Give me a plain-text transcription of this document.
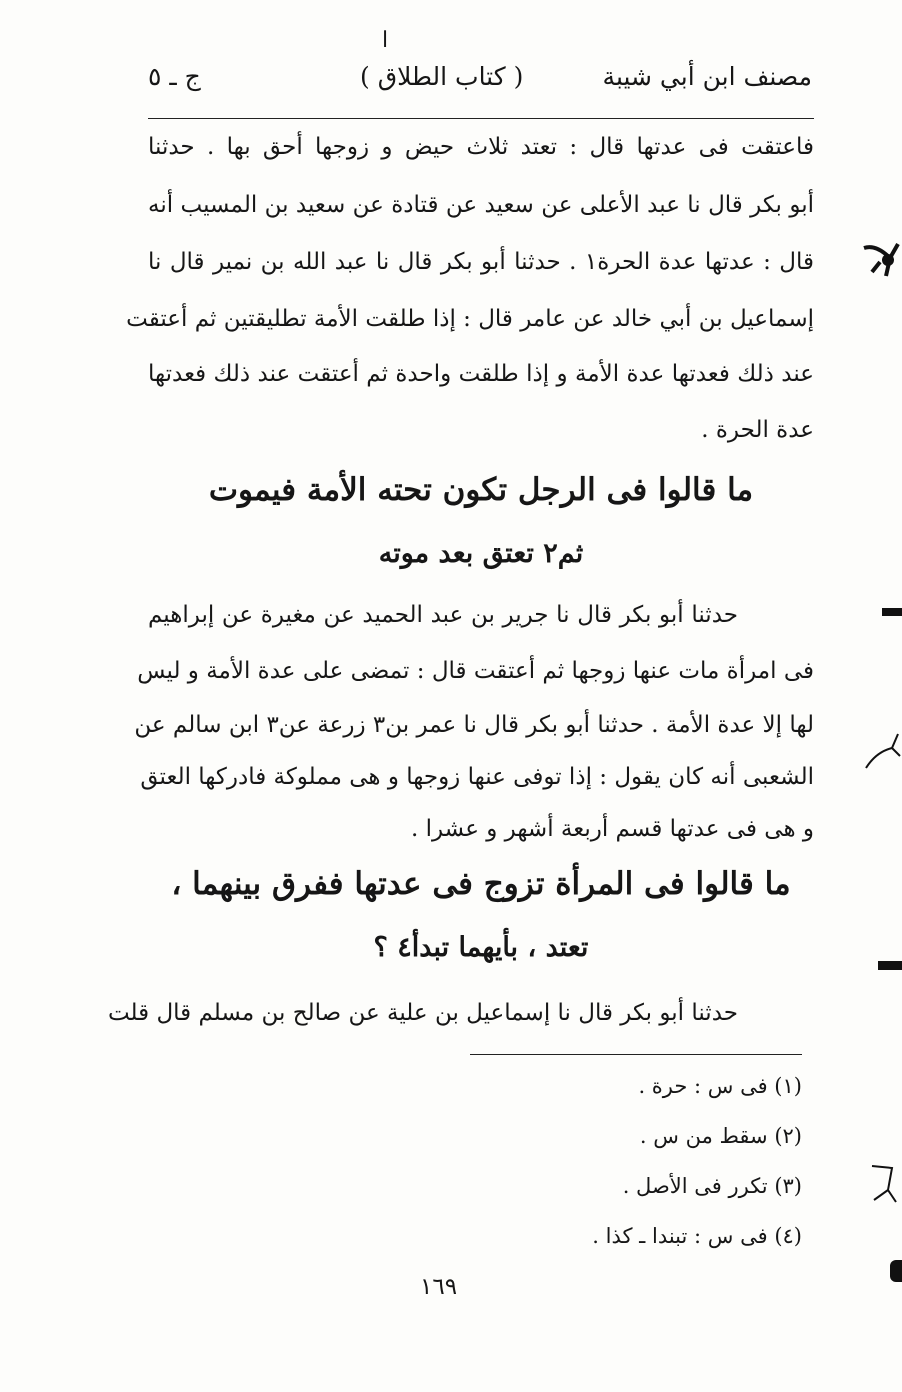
ا
مصنف ابن أبي شيبة
( كتاب الطلاق )
ج ـ ٥
فاعتقت فى عدتها قال : تعتد ثلاث حيض و زوجها أحق بها . حدثنا
أبو بكر قال نا عبد الأعلى عن سعيد عن قتادة عن سعيد بن المسيب أنه
قال : عدتها عدة الحرة١ . حدثنا أبو بكر قال نا عبد الله بن نمير قال نا
إسماعيل بن أبي خالد عن عامر قال : إذا طلقت الأمة تطليقتين ثم أعتقت
عند ذلك فعدتها عدة الأمة و إذا طلقت واحدة ثم أعتقت عند ذلك فعدتها
عدة الحرة .
ما قالوا فى الرجل تكون تحته الأمة فيموت
ثم٢ تعتق بعد موته
حدثنا أبو بكر قال نا جرير بن عبد الحميد عن مغيرة عن إبراهيم
فى امرأة مات عنها زوجها ثم أعتقت قال : تمضى على عدة الأمة و ليس
لها إلا عدة الأمة . حدثنا أبو بكر قال نا عمر بن٣ زرعة عن٣ ابن سالم عن
الشعبى أنه كان يقول : إذا توفى عنها زوجها و هى مملوكة فادركها العتق
و هى فى عدتها قسم أربعة أشهر و عشرا .
ما قالوا فى المرأة تزوج فى عدتها ففرق بينهما ،
تعتد ، بأيهما تبدأ٤ ؟
حدثنا أبو بكر قال نا إسماعيل بن علية عن صالح بن مسلم قال قلت
(١) فى س : حرة .
(٢) سقط من س .
(٣) تكرر فى الأصل .
(٤) فى س : تبندا ـ كذا .
١٦٩
